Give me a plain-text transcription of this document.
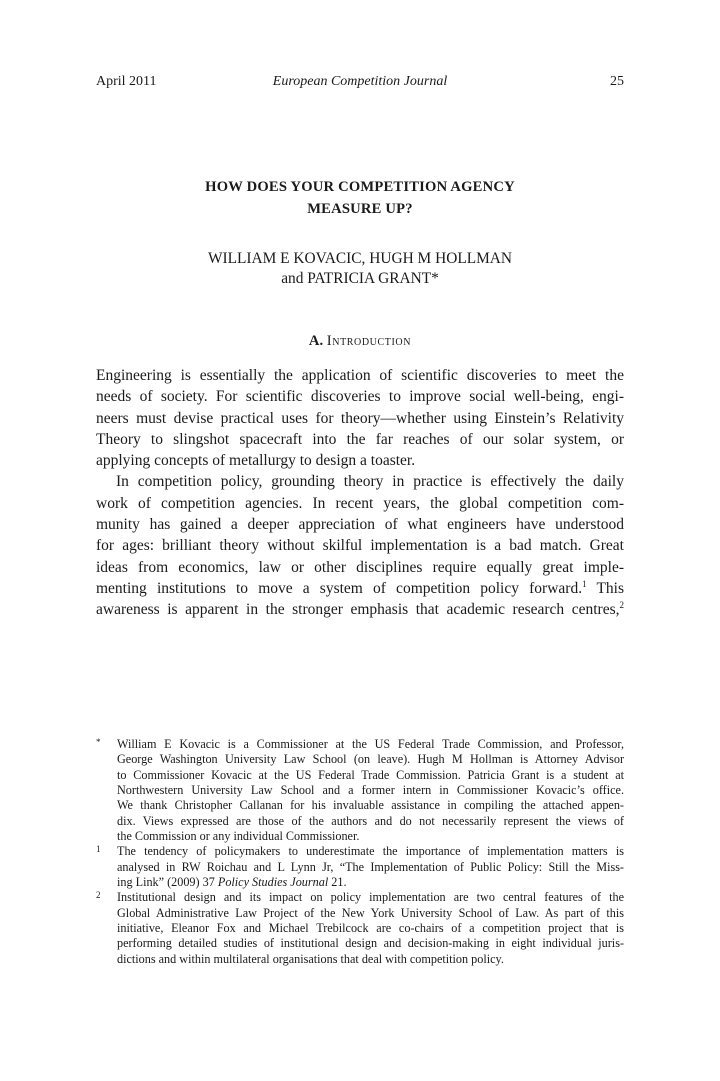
April 2011	European Competition Journal	25
HOW DOES YOUR COMPETITION AGENCY
MEASURE UP?
WILLIAM E KOVACIC, HUGH M HOLLMAN
and PATRICIA GRANT*
A. Introduction

Engineering is essentially the application of scientific discoveries to meet the
needs of society. For scientific discoveries to improve social well-being, engi-
neers must devise practical uses for theory—whether using Einstein’s Relativity
Theory to slingshot spacecraft into the far reaches of our solar system, or
applying concepts of metallurgy to design a toaster.

In competition policy, grounding theory in practice is effectively the daily
work of competition agencies. In recent years, the global competition com-
munity has gained a deeper appreciation of what engineers have understood
for ages: brilliant theory without skilful implementation is a bad match. Great
ideas from economics, law or other disciplines require equally great imple-
menting institutions to move a system of competition policy forward.$^1$ This
awareness is apparent in the stronger emphasis that academic research centres,$^2$

* William E Kovacic is a Commissioner at the US Federal Trade Commission, and Professor,
George Washington University Law School (on leave). Hugh M Hollman is Attorney Advisor
to Commissioner Kovacic at the US Federal Trade Commission. Patricia Grant is a student at
Northwestern University Law School and a former intern in Commissioner Kovacic’s office.
We thank Christopher Callanan for his invaluable assistance in compiling the attached appen-
dix. Views expressed are those of the authors and do not necessarily represent the views of
the Commission or any individual Commissioner.
1 The tendency of policymakers to underestimate the importance of implementation matters is
analysed in RW Roichau and L Lynn Jr, “The Implementation of Public Policy: Still the Miss-
ing Link” (2009) 37 Policy Studies Journal 21.
2 Institutional design and its impact on policy implementation are two central features of the
Global Administrative Law Project of the New York University School of Law. As part of this
initiative, Eleanor Fox and Michael Trebilcock are co-chairs of a competition project that is
performing detailed studies of institutional design and decision-making in eight individual juris-
dictions and within multilateral organisations that deal with competition policy.
